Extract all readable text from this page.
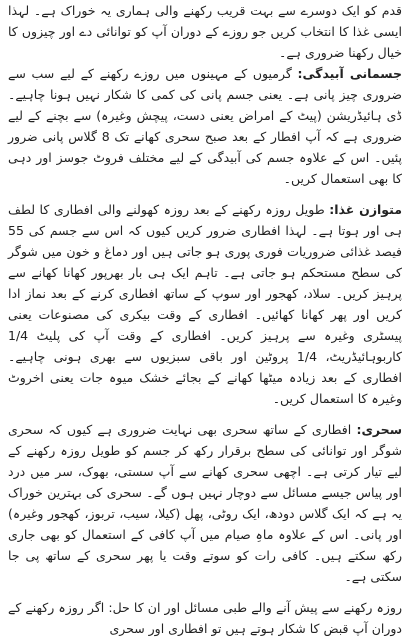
قدم کو ایک دوسرے سے بہت قریب رکھنے والی ہماری یہ خوراک ہے۔ لہذا ایسی غذا کا انتخاب کریں جو روزے کے دوران آپ کو توانائی دے اور چیزوں کا خیال رکھنا ضروری ہے۔

جسمانی آبیدگی: گرمیوں کے مہینوں میں روزے رکھنے کے لیے سب سے ضروری چیز پانی ہے۔ یعنی جسم پانی کی کمی کا شکار نہیں ہونا چاہیے۔ ڈی ہائیڈریشن (پیٹ کے امراض یعنی دست، پیچش وغیرہ) سے بچنے کے لیے ضروری ہے کہ آپ افطار کے بعد صبح سحری کھانے تک 8 گلاس پانی ضرور پئیں۔ اس کے علاوہ جسم کی آبیدگی کے لیے مختلف فروٹ جوسز اور دہی کا بھی استعمال کریں۔

متوازن غذا: طویل روزہ رکھنے کے بعد روزہ کھولنے والی افطاری کا لطف ہی اور ہوتا ہے۔ لہذا افطاری ضرور کریں کیوں کہ اس سے جسم کی 55 فیصد غذائی ضروریات فوری پوری ہو جاتی ہیں اور دماغ و خون میں شوگر کی سطح مستحکم ہو جاتی ہے۔ تاہم ایک ہی بار بھرپور کھانا کھانے سے پرہیز کریں۔ سلاد، کھجور اور سوپ کے ساتھ افطاری کرنے کے بعد نماز ادا کریں اور پھر کھانا کھائیں۔ افطاری کے وقت بیکری کی مصنوعات یعنی پیسٹری وغیرہ سے پرہیز کریں۔ افطاری کے وقت آپ کی پلیٹ 1/4 کاربوہائیڈریٹ، 1/4 پروٹین اور باقی سبزیوں سے بھری ہونی چاہیے۔ افطاری کے بعد زیادہ میٹھا کھانے کے بجائے خشک میوہ جات یعنی اخروٹ وغیرہ کا استعمال کریں۔

سحری: افطاری کے ساتھ سحری بھی نہایت ضروری ہے کیوں کہ سحری شوگر اور توانائی کی سطح برقرار رکھ کر جسم کو طویل روزہ رکھنے کے لیے تیار کرتی ہے۔ اچھی سحری کھانے سے آپ سستی، بھوک، سر میں درد اور پیاس جیسے مسائل سے دوچار نہیں ہوں گے۔ سحری کی بہترین خوراک یہ ہے کہ ایک گلاس دودھ، ایک روٹی، پھل (کیلا، سیب، تربوز، کھجور وغیرہ) اور پانی۔ اس کے علاوہ ماہِ صیام میں آپ کافی کے استعمال کو بھی جاری رکھ سکتے ہیں۔ کافی رات کو سوتے وقت یا پھر سحری کے ساتھ پی جا سکتی ہے۔

روزہ رکھنے سے پیش آنے والے طبی مسائل اور ان کا حل: اگر روزہ رکھنے کے دوران آپ قبض کا شکار ہوتے ہیں تو افطاری اور سحری
